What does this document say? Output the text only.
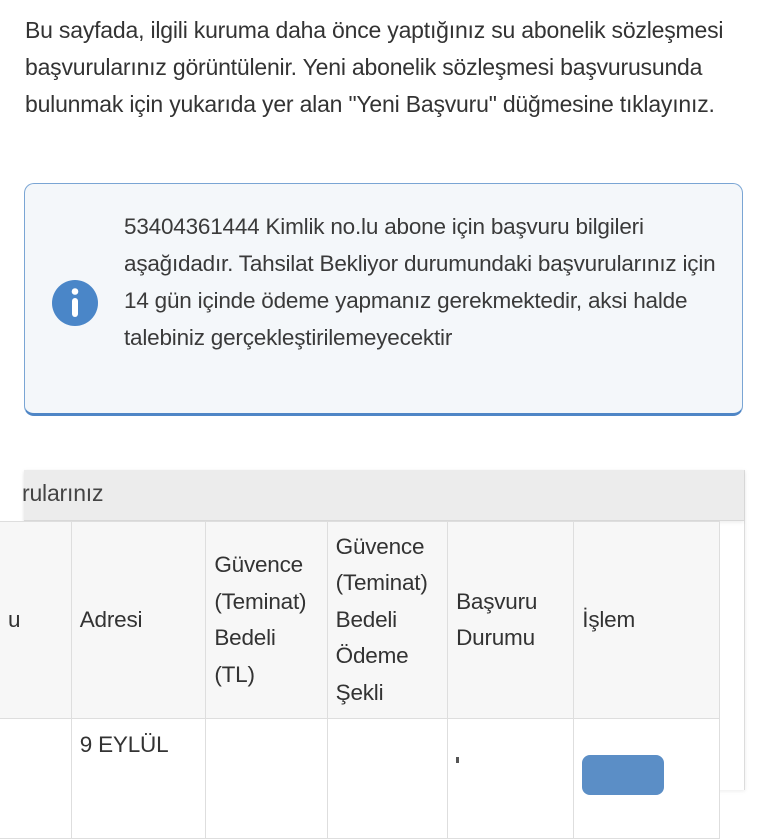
Bu sayfada, ilgili kuruma daha önce yaptığınız su abonelik sözleşmesi başvurularınız görüntülenir. Yeni abonelik sözleşmesi başvurusunda bulunmak için yukarıda yer alan "Yeni Başvuru" düğmesine tıklayınız.

53404361444 Kimlik no.lu abone için başvuru bilgileri aşağıdadır. Tahsilat Bekliyor durumundaki başvurularınız için 14 gün içinde ödeme yapmanız gerekmektedir, aksi halde talebiniz gerçekleştirilemeyecektir

rularınız
u	Adresi	Güvence (Teminat) Bedeli (TL)	Güvence (Teminat) Bedeli Ödeme Şekli	Başvuru Durumu	İşlem
	9 EYLÜL			
